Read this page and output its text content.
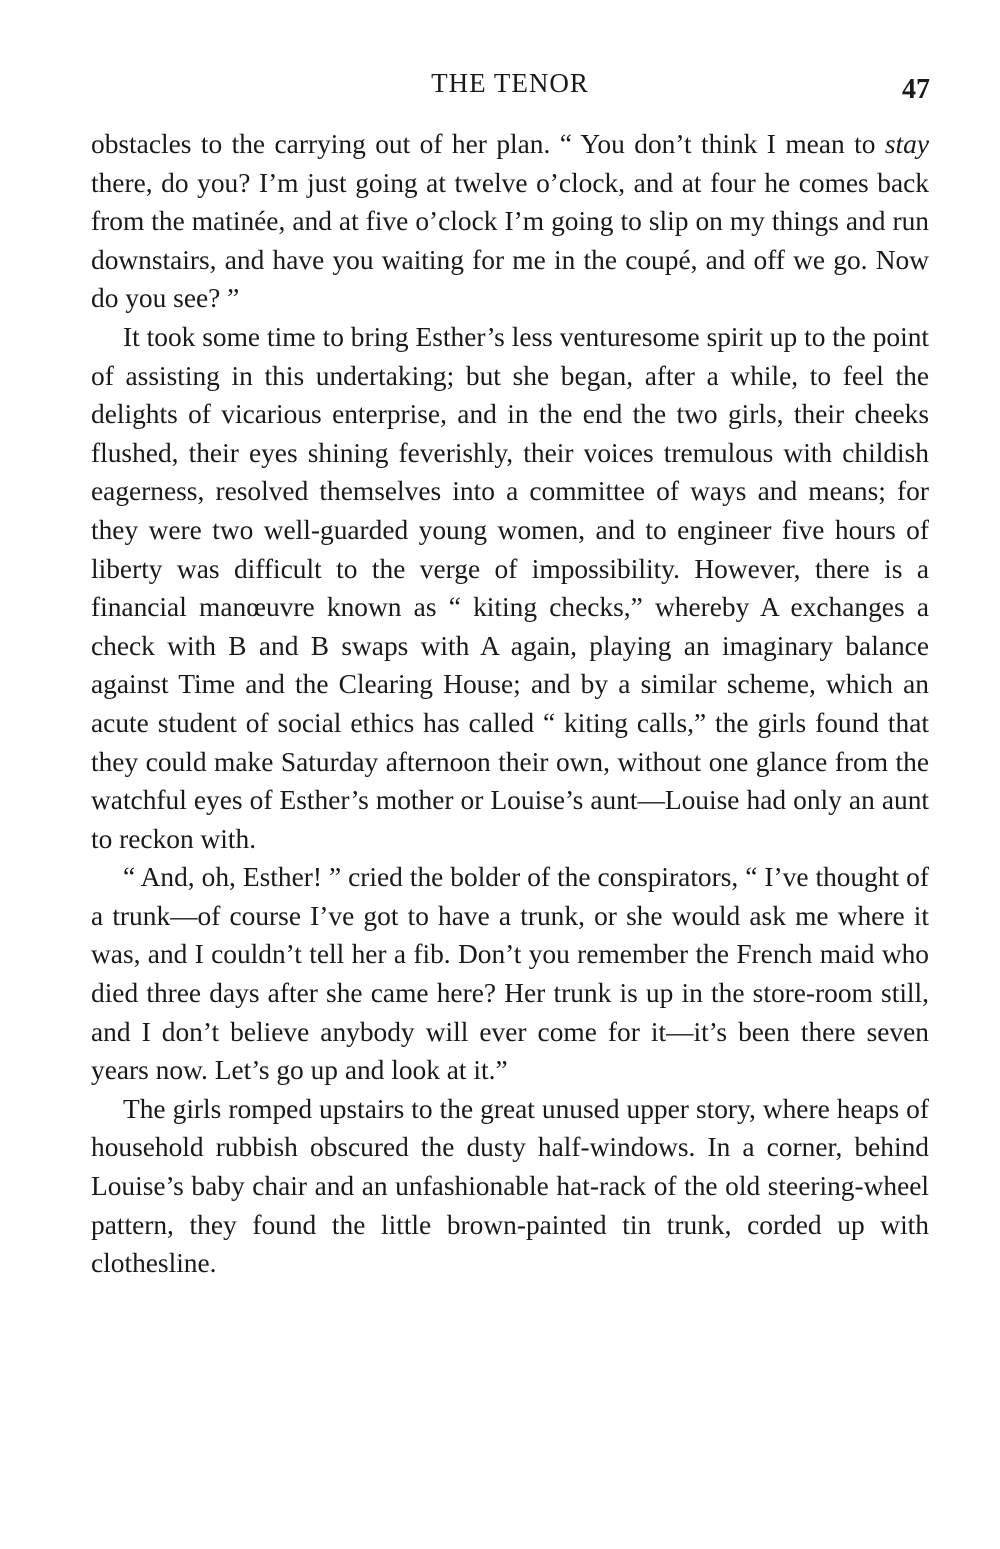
THE TENOR	47

obstacles to the carrying out of her plan. “ You don’t think I mean to stay there, do you? I’m just going at twelve o’clock, and at four he comes back from the matinée, and at five o’clock I’m going to slip on my things and run downstairs, and have you waiting for me in the coupé, and off we go. Now do you see? ”

It took some time to bring Esther’s less venturesome spirit up to the point of assisting in this undertaking; but she began, after a while, to feel the delights of vicarious enterprise, and in the end the two girls, their cheeks flushed, their eyes shining feverishly, their voices tremulous with childish eagerness, resolved themselves into a committee of ways and means; for they were two well-guarded young women, and to engineer five hours of liberty was difficult to the verge of impossibility. However, there is a financial manœuvre known as “ kiting checks,” whereby A exchanges a check with B and B swaps with A again, playing an imaginary balance against Time and the Clearing House; and by a similar scheme, which an acute student of social ethics has called “ kiting calls,” the girls found that they could make Saturday afternoon their own, without one glance from the watchful eyes of Esther’s mother or Louise’s aunt—Louise had only an aunt to reckon with.

“ And, oh, Esther! ” cried the bolder of the conspirators, “ I’ve thought of a trunk—of course I’ve got to have a trunk, or she would ask me where it was, and I couldn’t tell her a fib. Don’t you remember the French maid who died three days after she came here? Her trunk is up in the store-room still, and I don’t believe anybody will ever come for it—it’s been there seven years now. Let’s go up and look at it.”

The girls romped upstairs to the great unused upper story, where heaps of household rubbish obscured the dusty half-windows. In a corner, behind Louise’s baby chair and an unfashionable hat-rack of the old steering-wheel pattern, they found the little brown-painted tin trunk, corded up with clothesline.
